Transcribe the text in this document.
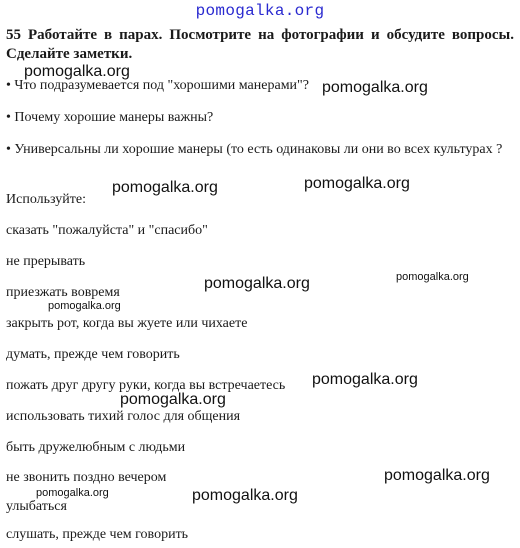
pomogalka.org
55 Работайте в парах. Посмотрите на фотографии и обсудите вопросы. Сделайте заметки.
• Что подразумевается под "хорошими манерами"?
• Почему хорошие манеры важны?
• Универсальны ли хорошие манеры (то есть одинаковы ли они во всех культурах ?
Используйте:
сказать "пожалуйста" и "спасибо"
не прерывать
приезжать вовремя
закрыть рот, когда вы жуете или чихаете
думать, прежде чем говорить
пожать друг другу руки, когда вы встречаетесь
использовать тихий голос для общения
быть дружелюбным с людьми
не звонить поздно вечером
улыбаться
слушать, прежде чем говорить
pomogalka.org
pomogalka.org
pomogalka.org	pomogalka.org
pomogalka.org	pomogalka.org
pomogalka.org
pomogalka.org
pomogalka.org
pomogalka.org
pomogalka.org	pomogalka.org
